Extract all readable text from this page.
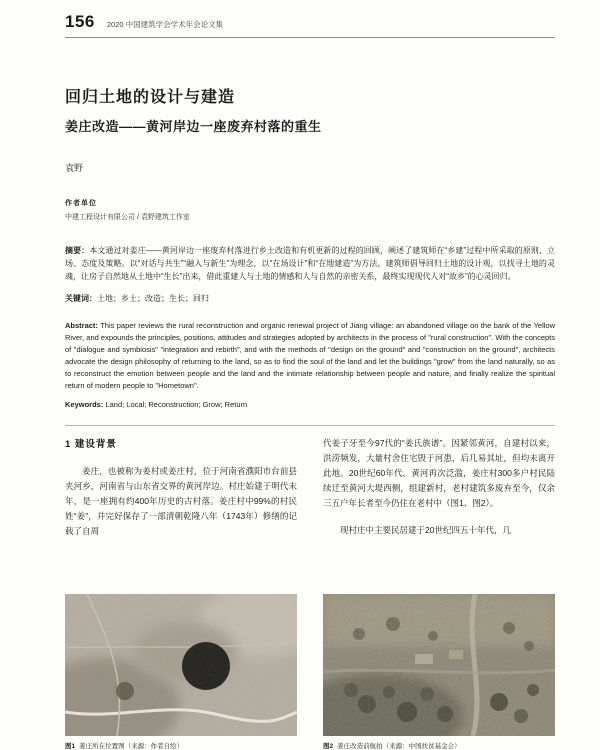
156 2020 中国建筑学会学术年会论文集
回归土地的设计与建造
姜庄改造——黄河岸边一座废弃村落的重生
袁野
作者单位
中建工程设计有限公司 / 袁野建筑工作室

摘要：本文通过对姜庄——黄河岸边一座废弃村落进行乡土改造和有机更新的过程的回顾，阐述了建筑师在“乡建”过程中所采取的原则、立场、态度及策略。以“对话与共生”“融入与新生”为理念，以“在场设计”和“在地建造”为方法，建筑师倡导回归土地的设计观，以找寻土地的灵魂，让房子自然地从土地中“生长”出来，借此重建人与土地的情感和人与自然的亲密关系，最终实现现代人对“故乡”的心灵回归。

关键词：土地；乡土；改造；生长；回归

Abstract: This paper reviews the rural reconstruction and organic renewal project of Jiang village: an abandoned village on the bank of the Yellow River, and expounds the principles, positions, attitudes and strategies adopted by architects in the process of "rural construction". With the concepts of "dialogue and symbiosis" "integration and rebirth", and with the methods of "design on the ground" and "construction on the ground", architects advocate the design philosophy of returning to the land, so as to find the soul of the land and let the buildings "grow" from the land naturally, so as to reconstruct the emotion between people and the land and the intimate relationship between people and nature, and finally realize the spiritual return of modern people to "Hometown".

Keywords: Land; Local; Reconstruction; Grow; Return

1 建设背景

姜庄，也被称为姜村或姜庄村，位于河南省濮阳市台前县夹河乡，河南省与山东省交界的黄河岸边。村庄始建于明代末年，是一座拥有约400年历史的古村落。姜庄村中99%的村民姓“姜”，并完好保存了一部清朝乾隆八年（1743年）修缮的记载了自周

代姜子牙至今97代的“姜氏族谱”。因紧邻黄河，自建村以来，洪涝频发，大量村舍住宅毁于河患，后几易其址，但均未离开此地。20世纪60年代，黄河再次泛滥，姜庄村300多户村民陆续迁至黄河大堤西侧，组建新村，老村建筑多废弃至今，仅余三五户年长者至今仍住在老村中（图1、图2）。

现村庄中主要民居建于20世纪四五十年代，几

图1 姜庄所在位置图（来源：作者自绘）	图2 姜庄改造前航拍（来源：中国扶贫基金会）
